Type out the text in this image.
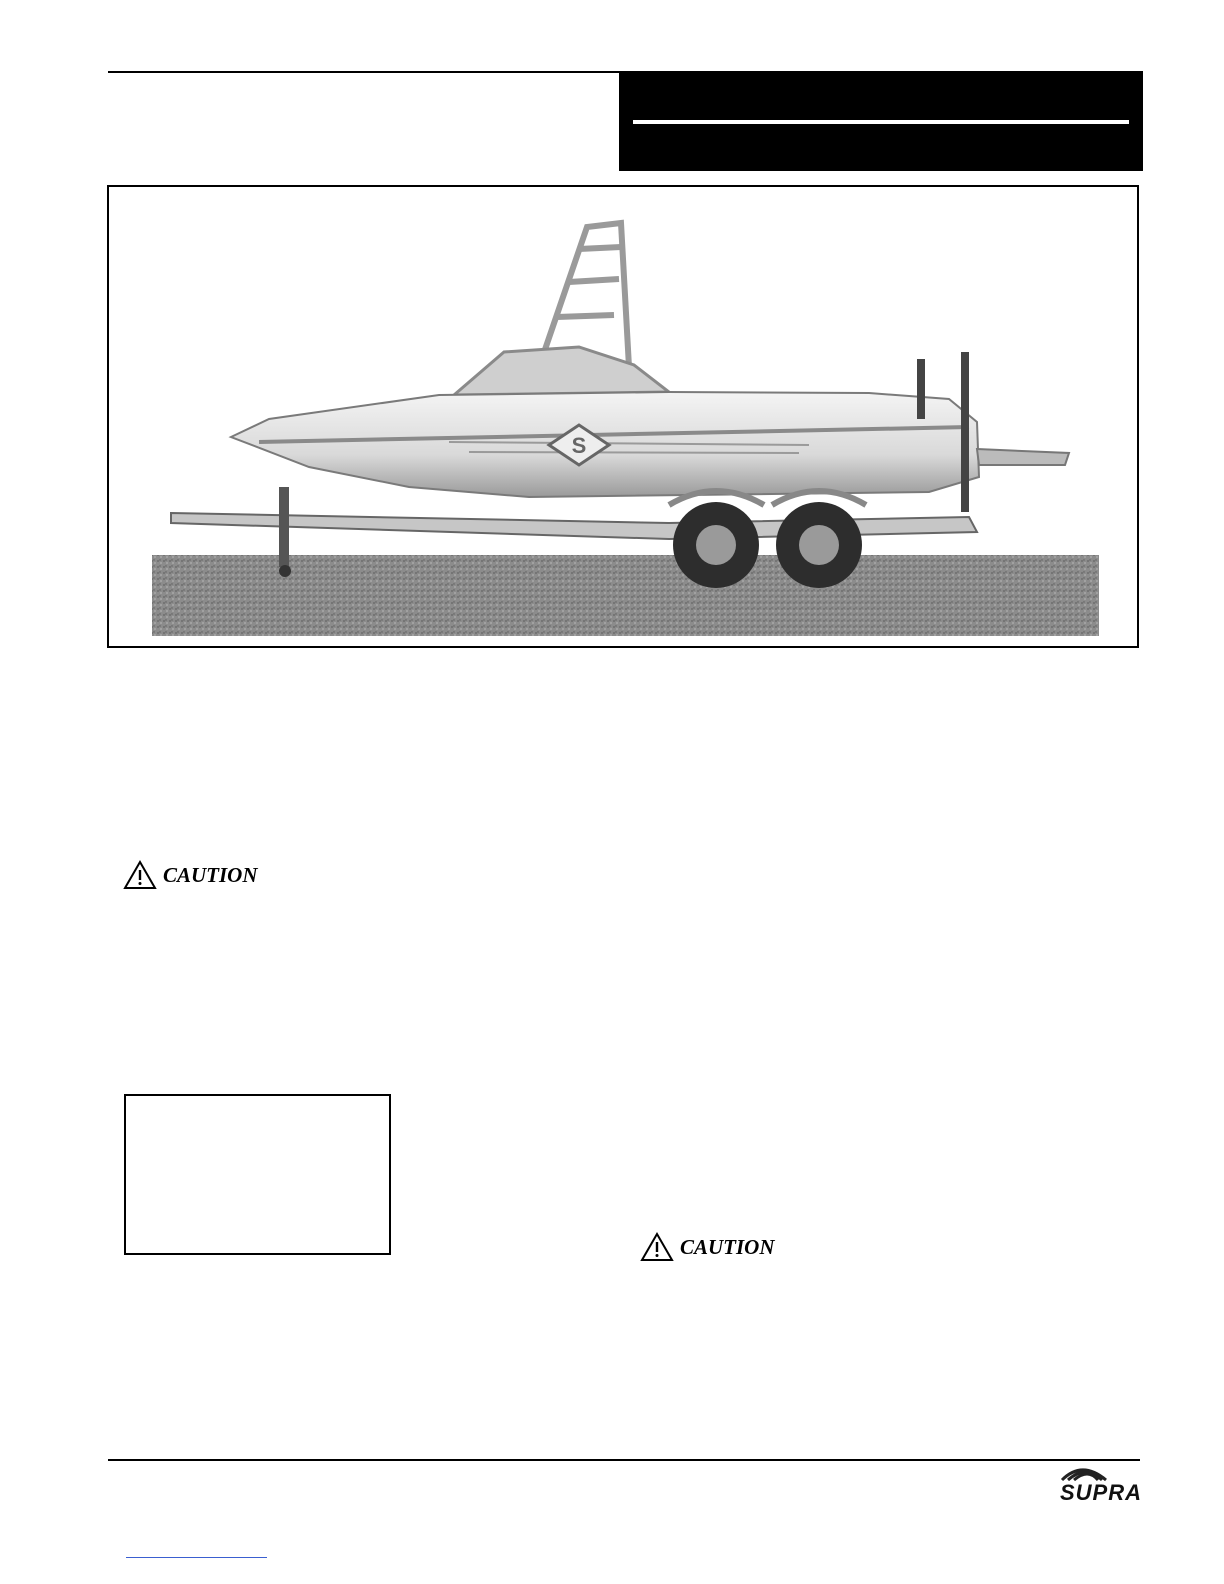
S
CAUTION
CAUTION
SUPRA
